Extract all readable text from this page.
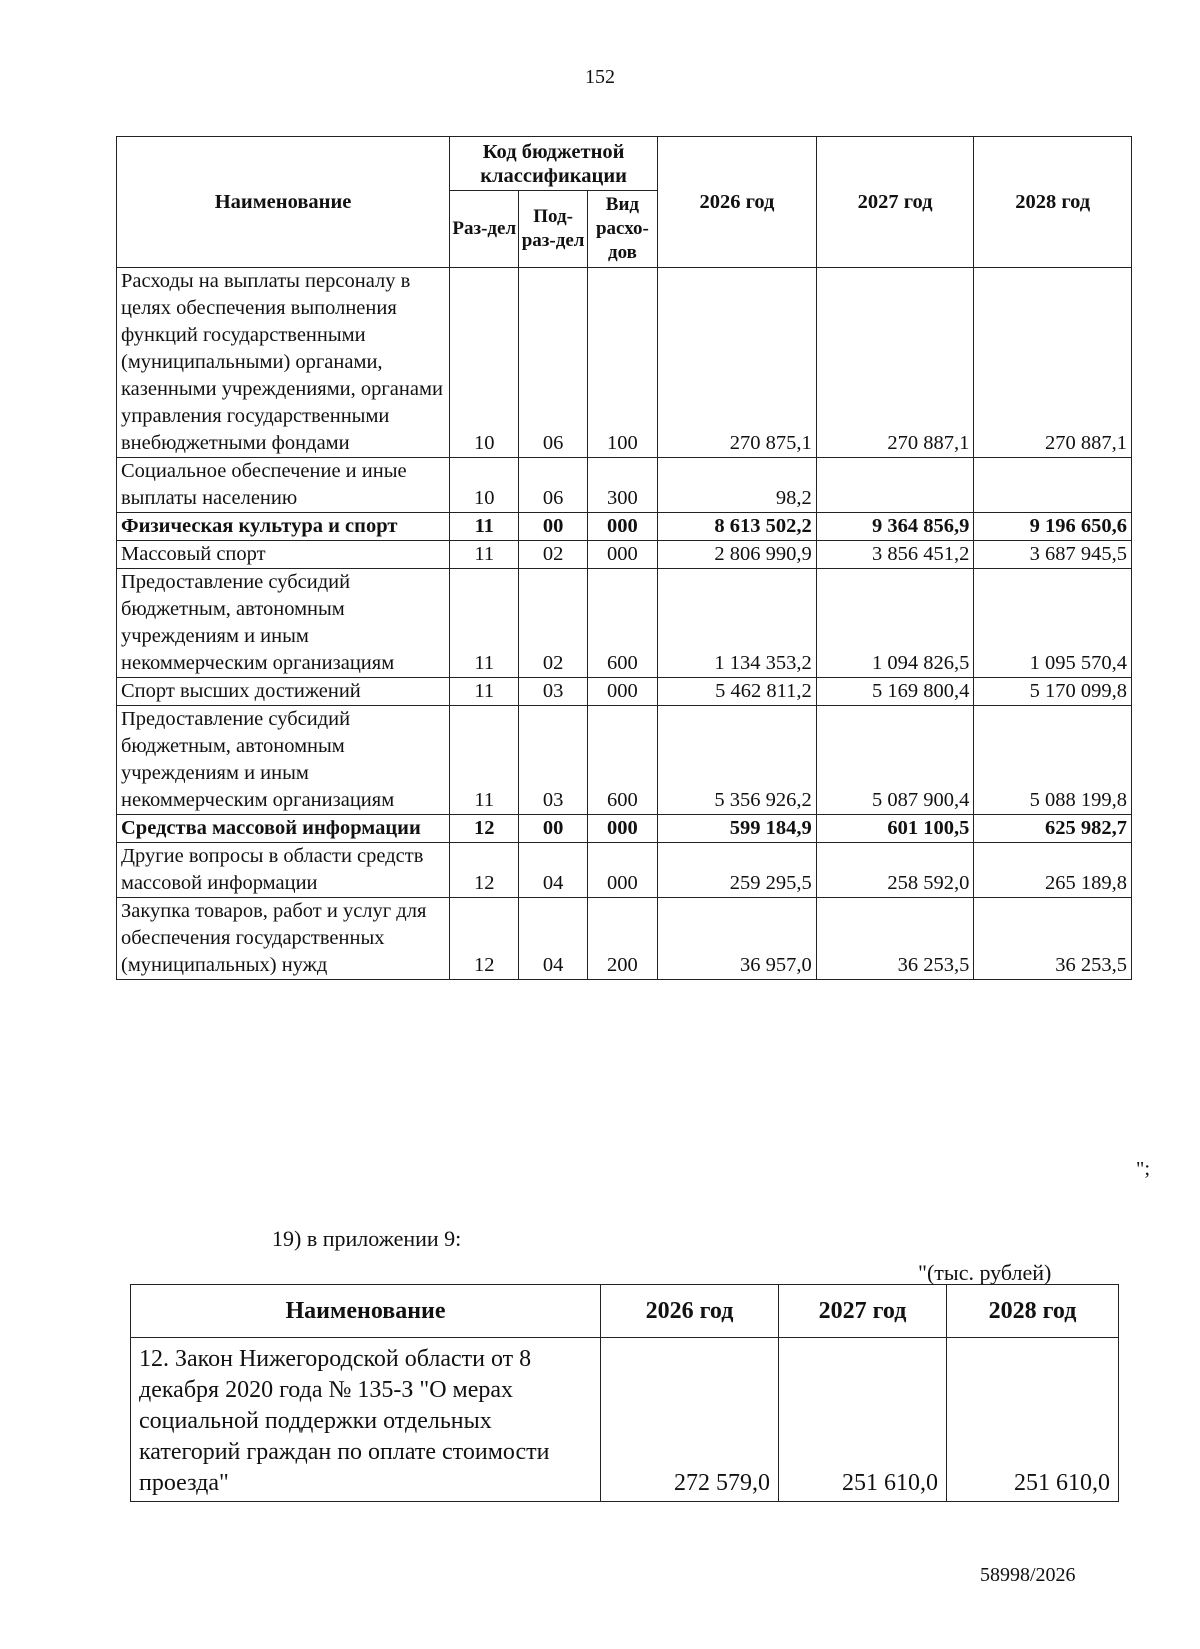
152
Наименование	Код бюджетной классификации			2026 год	2027 год	2028 год
	Раз-дел	Под-раз-дел	Вид расхо-дов			
Расходы на выплаты персоналу в целях обеспечения выполнения функций государственными (муниципальными) органами, казенными учреждениями, органами управления государственными внебюджетными фондами	10	06	100	270 875,1	270 887,1	270 887,1
Социальное обеспечение и иные выплаты населению	10	06	300	98,2		
Физическая культура и спорт	11	00	000	8 613 502,2	9 364 856,9	9 196 650,6
Массовый спорт	11	02	000	2 806 990,9	3 856 451,2	3 687 945,5
Предоставление субсидий бюджетным, автономным учреждениям и иным некоммерческим организациям	11	02	600	1 134 353,2	1 094 826,5	1 095 570,4
Спорт высших достижений	11	03	000	5 462 811,2	5 169 800,4	5 170 099,8
Предоставление субсидий бюджетным, автономным учреждениям и иным некоммерческим организациям	11	03	600	5 356 926,2	5 087 900,4	5 088 199,8
Средства массовой информации	12	00	000	599 184,9	601 100,5	625 982,7
Другие вопросы в области средств массовой информации	12	04	000	259 295,5	258 592,0	265 189,8
Закупка товаров, работ и услуг для обеспечения государственных (муниципальных) нужд	12	04	200	36 957,0	36 253,5	36 253,5
";
19) в приложении 9:
"(тыс. рублей)
Наименование	2026 год	2027 год	2028 год
12. Закон Нижегородской области от 8 декабря 2020 года № 135-З "О мерах социальной поддержки отдельных категорий граждан по оплате стоимости проезда"	272 579,0	251 610,0	251 610,0
58998/2026
